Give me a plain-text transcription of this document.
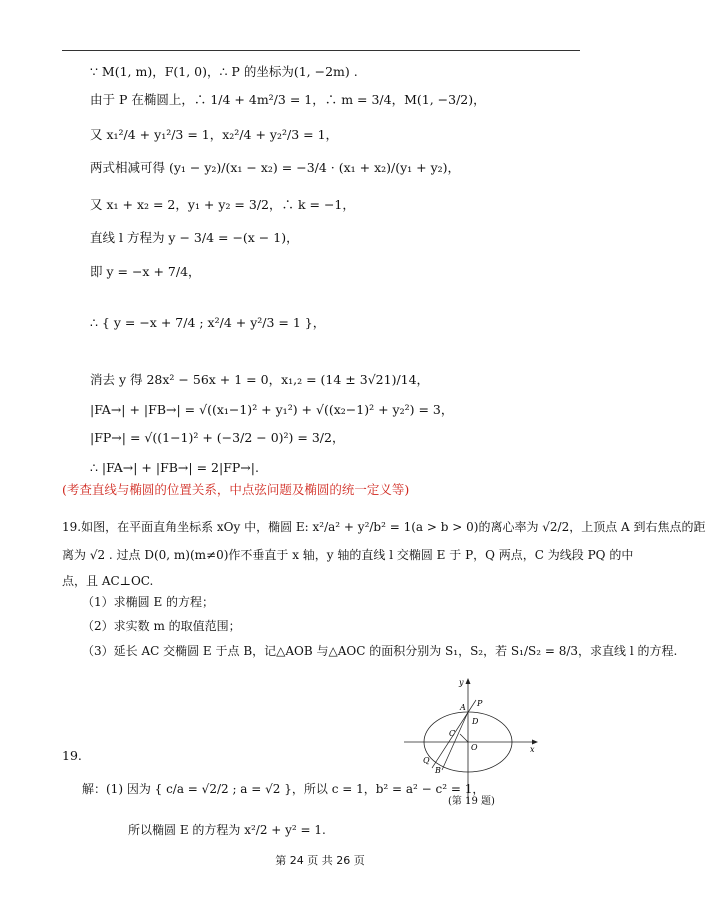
∵ M(1, m)，F(1, 0)，∴ P 的坐标为(1, −2m) .
由于 P 在椭圆上，∴ 1/4 + 4m²/3 = 1，∴ m = 3/4，M(1, −3/2)，
又 x₁²/4 + y₁²/3 = 1，x₂²/4 + y₂²/3 = 1，
两式相减可得 (y₁ − y₂)/(x₁ − x₂) = −3/4 · (x₁ + x₂)/(y₁ + y₂)，
又 x₁ + x₂ = 2，y₁ + y₂ = 3/2，∴ k = −1，
直线 l 方程为 y − 3/4 = −(x − 1)，
即 y = −x + 7/4，
∴ { y = −x + 7/4 ; x²/4 + y²/3 = 1 }，
消去 y 得 28x² − 56x + 1 = 0，x₁,₂ = (14 ± 3√21)/14，
|FA→| + |FB→| = √((x₁−1)² + y₁²) + √((x₂−1)² + y₂²) = 3，
|FP→| = √((1−1)² + (−3/2 − 0)²) = 3/2，
∴ |FA→| + |FB→| = 2|FP→|.
(考查直线与椭圆的位置关系，中点弦问题及椭圆的统一定义等)
19.如图，在平面直角坐标系 xOy 中，椭圆 E: x²/a² + y²/b² = 1(a > b > 0)的离心率为 √2/2，上顶点 A 到右焦点的距
离为 √2 . 过点 D(0, m)(m≠0)作不垂直于 x 轴，y 轴的直线 l 交椭圆 E 于 P，Q 两点，C 为线段 PQ 的中
点，且 AC⊥OC.
（1）求椭圆 E 的方程；
（2）求实数 m 的取值范围；
（3）延长 AC 交椭圆 E 于点 B，记△AOB 与△AOC 的面积分别为 S₁，S₂，若 S₁/S₂ = 8/3，求直线 l 的方程.
y
x
A P
D
C
O
Q
B
(第 19 题)
19.
解：(1) 因为 { c/a = √2/2 ; a = √2 }，所以 c = 1，b² = a² − c² = 1，
所以椭圆 E 的方程为 x²/2 + y² = 1.
第 24 页 共 26 页
